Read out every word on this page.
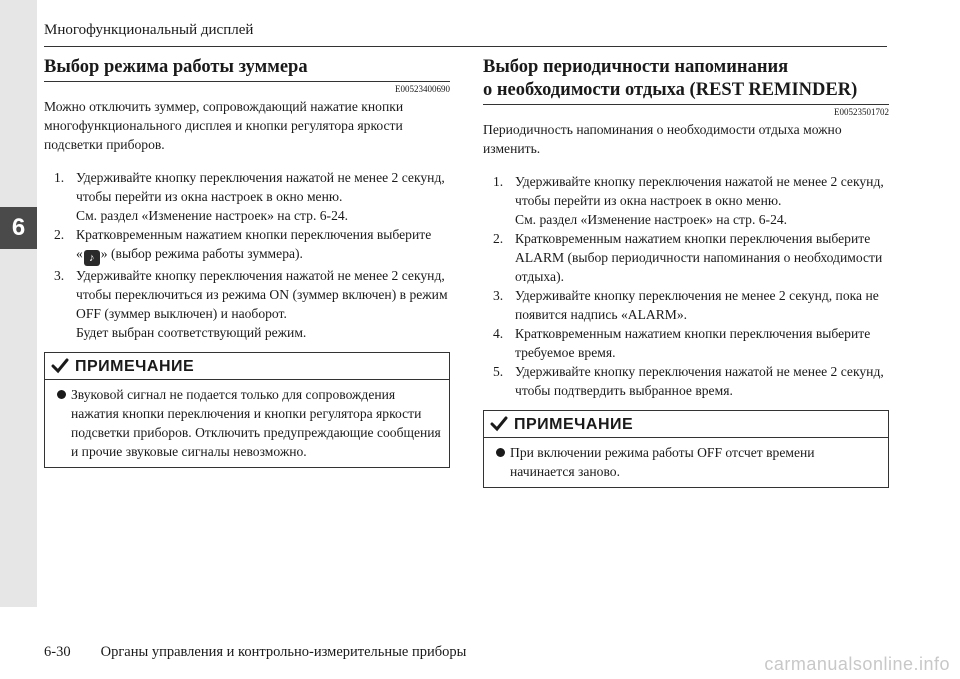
6
Многофункциональный дисплей
Выбор режима работы зуммера
E00523400690

Можно отключить зуммер, сопровождающий нажатие кнопки многофункционального дисплея и кнопки регулятора яркости подсветки приборов.

1. Удерживайте кнопку переключения нажатой не менее 2 секунд,
чтобы перейти из окна настроек в окно меню.
См. раздел «Изменение настроек» на стр. 6-24.
2. Кратковременным нажатием кнопки переключения выберите
« ♪ » (выбор режима работы зуммера).
3. Удерживайте кнопку переключения нажатой не менее 2 секунд,
чтобы переключиться из режима ON (зуммер включен) в режим
OFF (зуммер выключен) и наоборот.
Будет выбран соответствующий режим.
ПРИМЕЧАНИЕ
Звуковой сигнал не подается только для сопровождения нажатия кнопки переключения и кнопки регулятора яркости подсветки приборов. Отключить предупреждающие сообщения и прочие звуковые сигналы невозможно.
Выбор периодичности напоминания
о необходимости отдыха (REST REMINDER)
E00523501702

Периодичность напоминания о необходимости отдыха можно изменить.

1. Удерживайте кнопку переключения нажатой не менее 2 секунд,
чтобы перейти из окна настроек в окно меню.
См. раздел «Изменение настроек» на стр. 6-24.
2. Кратковременным нажатием кнопки переключения выберите
ALARM (выбор периодичности напоминания о необходимости
отдыха).
3. Удерживайте кнопку переключения не менее 2 секунд, пока не
появится надпись «ALARM».
4. Кратковременным нажатием кнопки переключения выберите
требуемое время.
5. Удерживайте кнопку переключения нажатой не менее 2 секунд,
чтобы подтвердить выбранное время.
ПРИМЕЧАНИЕ
При включении режима работы OFF отсчет времени начинается заново.
6-30 Органы управления и контрольно-измерительные приборы
carmanualsonline.info
